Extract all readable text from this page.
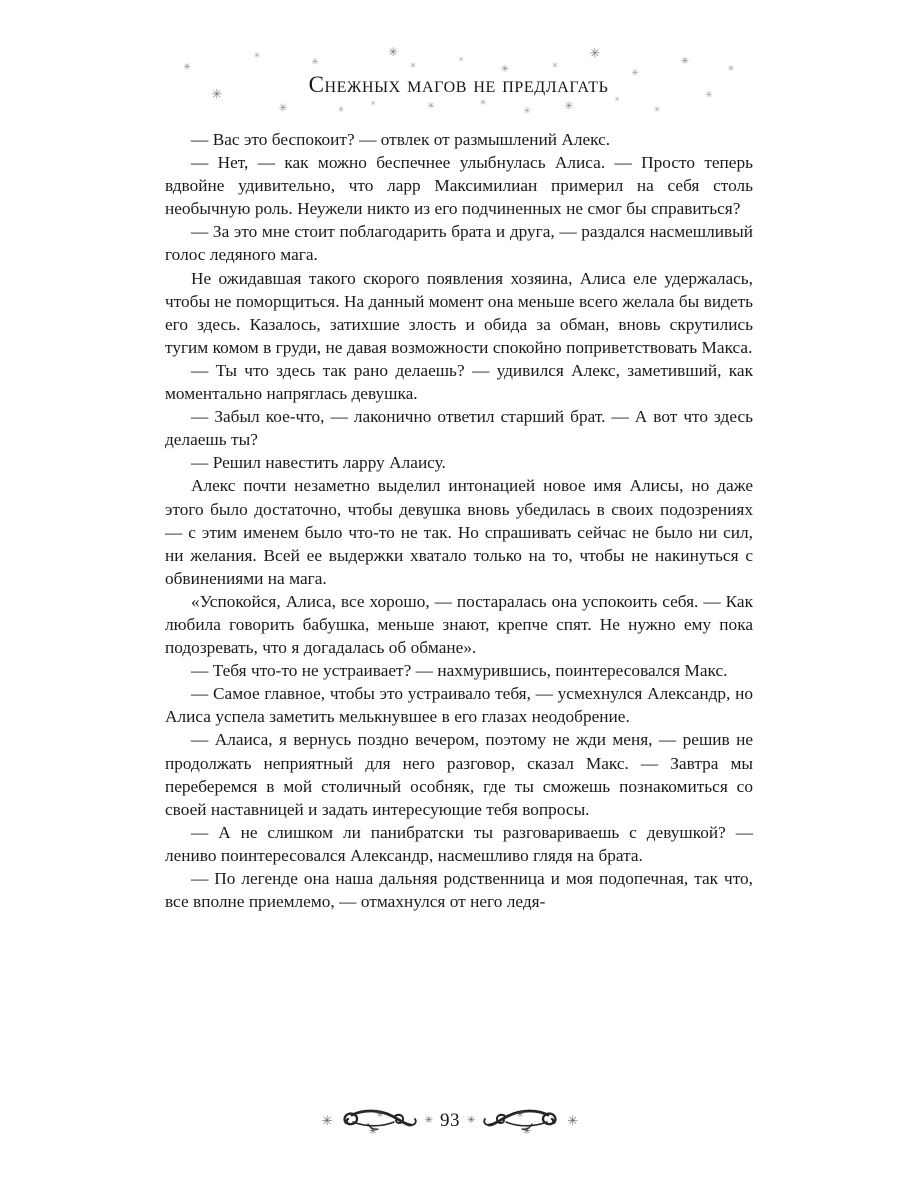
✳
✳
✳
✳
✳
✳
✳
✳
✳
✳
✳
✳
✳
✳
✳
✳
✳
✳
✳
✳
✳
✳
✳
Снежных магов не предлагать

— Вас это беспокоит? — отвлек от размышлений Алекс.

— Нет, — как можно беспечнее улыбнулась Алиса. — Просто теперь вдвойне удивительно, что ларр Максимилиан примерил на себя столь необычную роль. Неужели никто из его подчиненных не смог бы справиться?

— За это мне стоит поблагодарить брата и друга, — раздался насмешливый голос ледяного мага.

Не ожидавшая такого скорого появления хозяина, Алиса еле удержалась, чтобы не поморщиться. На данный момент она меньше всего желала бы видеть его здесь. Казалось, затихшие злость и обида за обман, вновь скрутились тугим комом в груди, не давая возможности спокойно поприветствовать Макса.

— Ты что здесь так рано делаешь? — удивился Алекс, заметивший, как моментально напряглась девушка.

— Забыл кое-что, — лаконично ответил старший брат. — А вот что здесь делаешь ты?

— Решил навестить ларру Алаису.

Алекс почти незаметно выделил интонацией новое имя Алисы, но даже этого было достаточно, чтобы девушка вновь убедилась в своих подозрениях — с этим именем было что-то не так. Но спрашивать сейчас не было ни сил, ни желания. Всей ее выдержки хватало только на то, чтобы не накинуться с обвинениями на мага.

«Успокойся, Алиса, все хорошо, — постаралась она успокоить себя. — Как любила говорить бабушка, меньше знают, крепче спят. Не нужно ему пока подозревать, что я догадалась об обмане».

— Тебя что-то не устраивает? — нахмурившись, поинтересовался Макс.

— Самое главное, чтобы это устраивало тебя, — усмехнулся Александр, но Алиса успела заметить мелькнувшее в его глазах неодобрение.

— Алаиса, я вернусь поздно вечером, поэтому не жди меня, — решив не продолжать неприятный для него разговор, сказал Макс. — Завтра мы переберемся в мой столичный особняк, где ты сможешь познакомиться со своей наставницей и задать интересующие тебя вопросы.

— А не слишком ли панибратски ты разговариваешь с девушкой? — лениво поинтересовался Александр, насмешливо глядя на брата.

— По легенде она наша дальняя родственница и моя подопечная, так что, все вполне приемлемо, — отмахнулся от него ледя-

✳	✳
✳
✳ 93 ✳	✳
✳
✳
